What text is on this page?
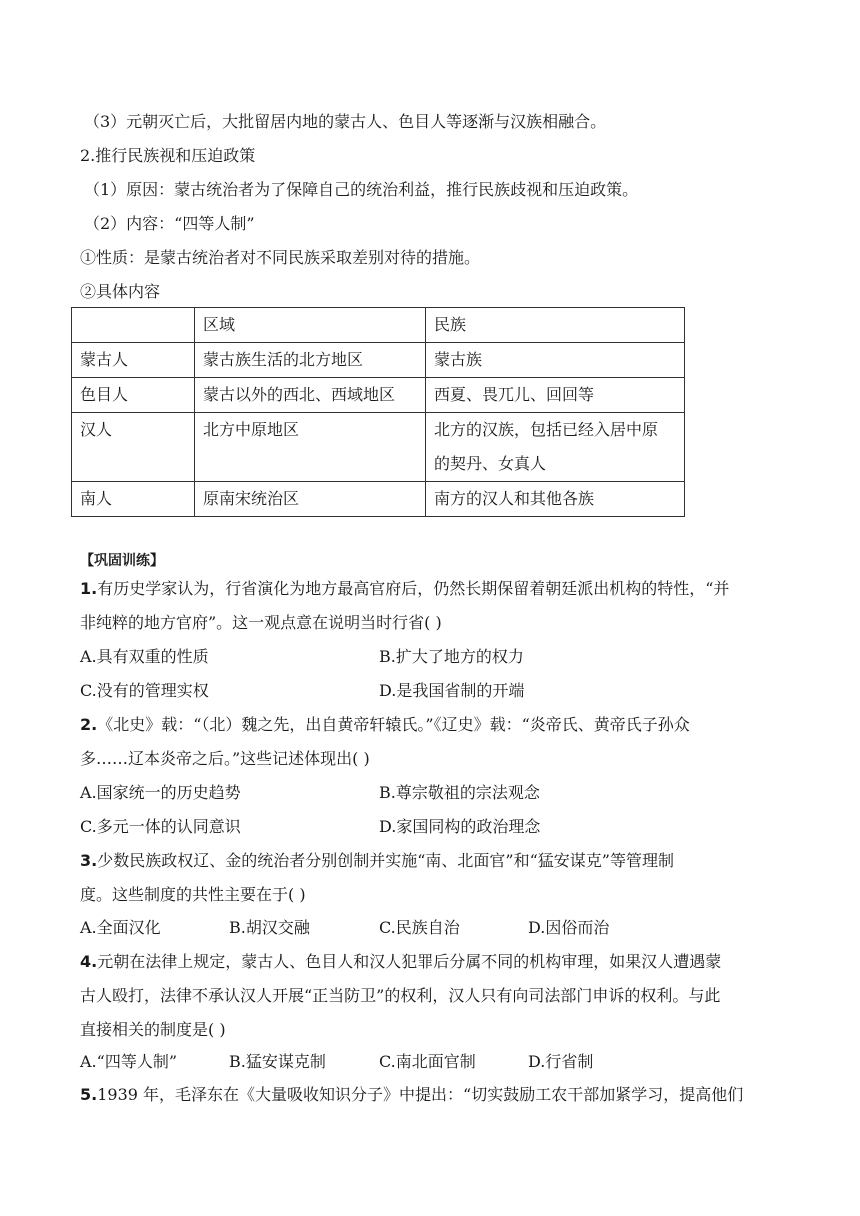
（3）元朝灭亡后，大批留居内地的蒙古人、色目人等逐渐与汉族相融合。
2.推行民族视和压迫政策
（1）原因：蒙古统治者为了保障自己的统治利益，推行民族歧视和压迫政策。
（2）内容：“四等人制”
①性质：是蒙古统治者对不同民族采取差别对待的措施。
②具体内容
	区域	民族
蒙古人	蒙古族生活的北方地区	蒙古族
色目人	蒙古以外的西北、西域地区	西夏、畏兀儿、回回等
汉人	北方中原地区	北方的汉族，包括已经入居中原
的契丹、女真人

南人	原南宋统治区	南方的汉人和其他各族
【巩固训练】
1.有历史学家认为，行省演化为地方最高官府后，仍然长期保留着朝廷派出机构的特性，“并
非纯粹的地方官府”。这一观点意在说明当时行省( )
A.具有双重的性质	B.扩大了地方的权力
C.没有的管理实权	D.是我国省制的开端
2.《北史》载：“（北）魏之先，出自黄帝轩辕氏。”《辽史》载：“炎帝氏、黄帝氏子孙众
多……辽本炎帝之后。”这些记述体现出( )
A.国家统一的历史趋势	B.尊宗敬祖的宗法观念
C.多元一体的认同意识	D.家国同构的政治理念
3.少数民族政权辽、金的统治者分别创制并实施“南、北面官”和“猛安谋克”等管理制
度。这些制度的共性主要在于( )
A.全面汉化	B.胡汉交融	C.民族自治	D.因俗而治
4.元朝在法律上规定，蒙古人、色目人和汉人犯罪后分属不同的机构审理，如果汉人遭遇蒙
古人殴打，法律不承认汉人开展“正当防卫”的权利，汉人只有向司法部门申诉的权利。与此
直接相关的制度是( )
A.“四等人制”	B.猛安谋克制	C.南北面官制	D.行省制
5.1939 年，毛泽东在《大量吸收知识分子》中提出：“切实鼓励工农干部加紧学习，提高他们
